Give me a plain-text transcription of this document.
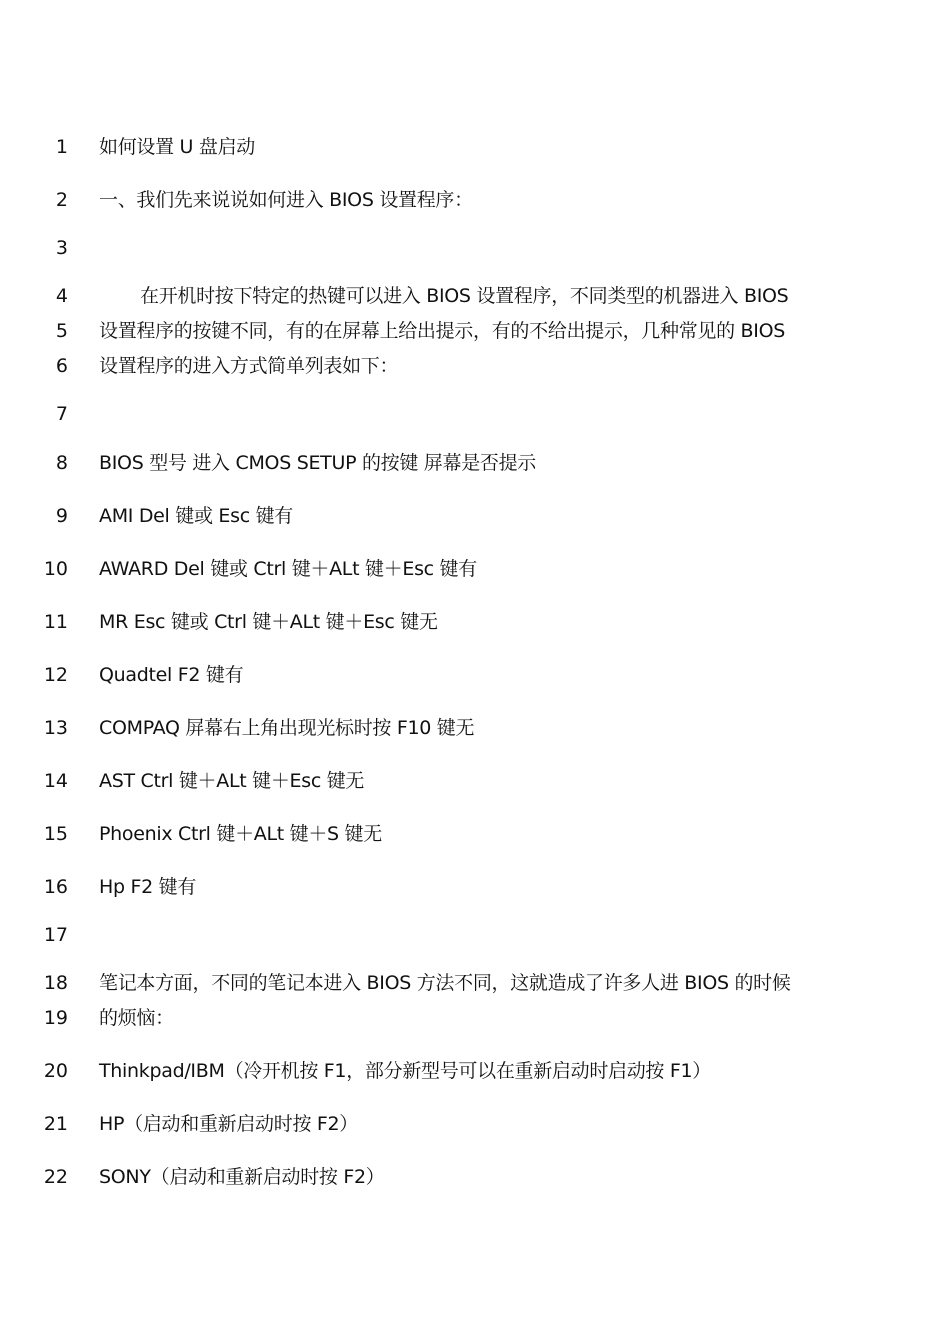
1 如何设置 U 盘启动
2 一、我们先来说说如何进入 BIOS 设置程序：
3
4	在开机时按下特定的热键可以进入 BIOS 设置程序，不同类型的机器进入 BIOS
5 设置程序的按键不同，有的在屏幕上给出提示，有的不给出提示，几种常见的 BIOS
6 设置程序的进入方式简单列表如下：
7
8 BIOS 型号 进入 CMOS SETUP 的按键 屏幕是否提示
9 AMI Del 键或 Esc 键有
10 AWARD Del 键或 Ctrl 键＋ALt 键＋Esc 键有
11 MR Esc 键或 Ctrl 键＋ALt 键＋Esc 键无
12 Quadtel F2 键有
13 COMPAQ 屏幕右上角出现光标时按 F10 键无
14 AST Ctrl 键＋ALt 键＋Esc 键无
15 Phoenix Ctrl 键＋ALt 键＋S 键无
16 Hp F2 键有
17
18 笔记本方面，不同的笔记本进入 BIOS 方法不同，这就造成了许多人进 BIOS 的时候
19 的烦恼：
20 Thinkpad/IBM（冷开机按 F1，部分新型号可以在重新启动时启动按 F1）
21 HP（启动和重新启动时按 F2）
22 SONY（启动和重新启动时按 F2）
